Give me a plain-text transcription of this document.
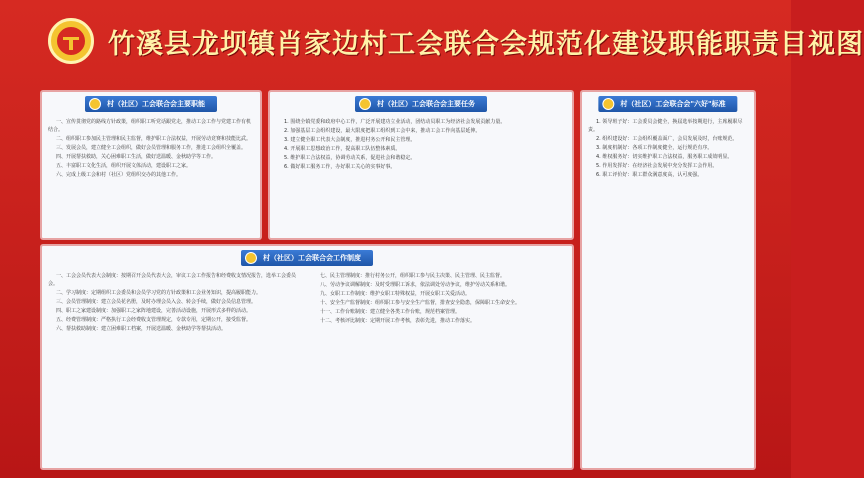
竹溪县龙坝镇肖家边村工会联合会规范化建设职能职责目视图
村（社区）工会联合会主要职能

一、宣传贯彻党的路线方针政策，组织职工听党话跟党走，推动工会工作与党建工作有机结合。

二、组织职工参加民主管理和民主监督，维护职工合法权益，开展劳动竞赛和技能比武。

三、发展会员，建立健全工会组织，做好会员管理和服务工作，推进工会组织全覆盖。

四、开展帮扶救助，关心困难职工生活，做好送温暖、金秋助学等工作。

五、丰富职工文化生活，组织开展文体活动，建设职工之家。

六、完成上级工会和村（社区）党组织交办的其他工作。

村（社区）工会联合会主要任务

1. 围绕全镇党委和政府中心工作，广泛开展建功立业活动，团结动员职工为经济社会发展贡献力量。

2. 加强基层工会组织建设，最大限度把职工组织到工会中来，推动工会工作向基层延伸。

3. 建立健全职工代表大会制度，推进村务公开和民主管理。

4. 开展职工思想政治工作，提高职工队伍整体素质。

5. 维护职工合法权益，协调劳动关系，促进社会和谐稳定。

6. 做好职工服务工作，办好职工关心的实事好事。

村（社区）工会联合会"六好"标准

1. 领导班子好：工会委员会健全，换届选举按期进行，主席履职尽责。

2. 组织建设好：工会组织覆盖面广，会员发展及时，台账规范。

3. 制度机制好：各项工作制度健全，运行规范有序。

4. 维权服务好：切实维护职工合法权益，服务职工成效明显。

5. 作用发挥好：在经济社会发展中充分发挥工会作用。

6. 职工评价好：职工群众满意度高，认可度强。

村（社区）工会联合会工作制度

一、工会会员代表大会制度：按期召开会员代表大会，审议工会工作报告和经费收支情况报告，选举工会委员会。

二、学习制度：定期组织工会委员和会员学习党的方针政策和工会业务知识，提高履职能力。

三、会员管理制度：建立会员花名册，及时办理会员入会、转会手续，做好会员信息管理。

四、职工之家建设制度：加强职工之家阵地建设，完善活动设施，开展形式多样的活动。

五、经费管理制度：严格执行工会经费收支管理规定，专款专用，定期公开，接受监督。

六、帮扶救助制度：建立困难职工档案，开展送温暖、金秋助学等帮扶活动。

七、民主管理制度：推行村务公开，组织职工参与民主决策、民主管理、民主监督。

八、劳动争议调解制度：及时受理职工诉求，依法调处劳动争议，维护劳动关系和谐。

九、女职工工作制度：维护女职工特殊权益，开展女职工关爱活动。

十、安全生产监督制度：组织职工参与安全生产监督，排查安全隐患，保障职工生命安全。

十一、工作台账制度：建立健全各类工作台账，规范档案管理。

十二、考核评比制度：定期开展工作考核，表彰先进，推动工作落实。
